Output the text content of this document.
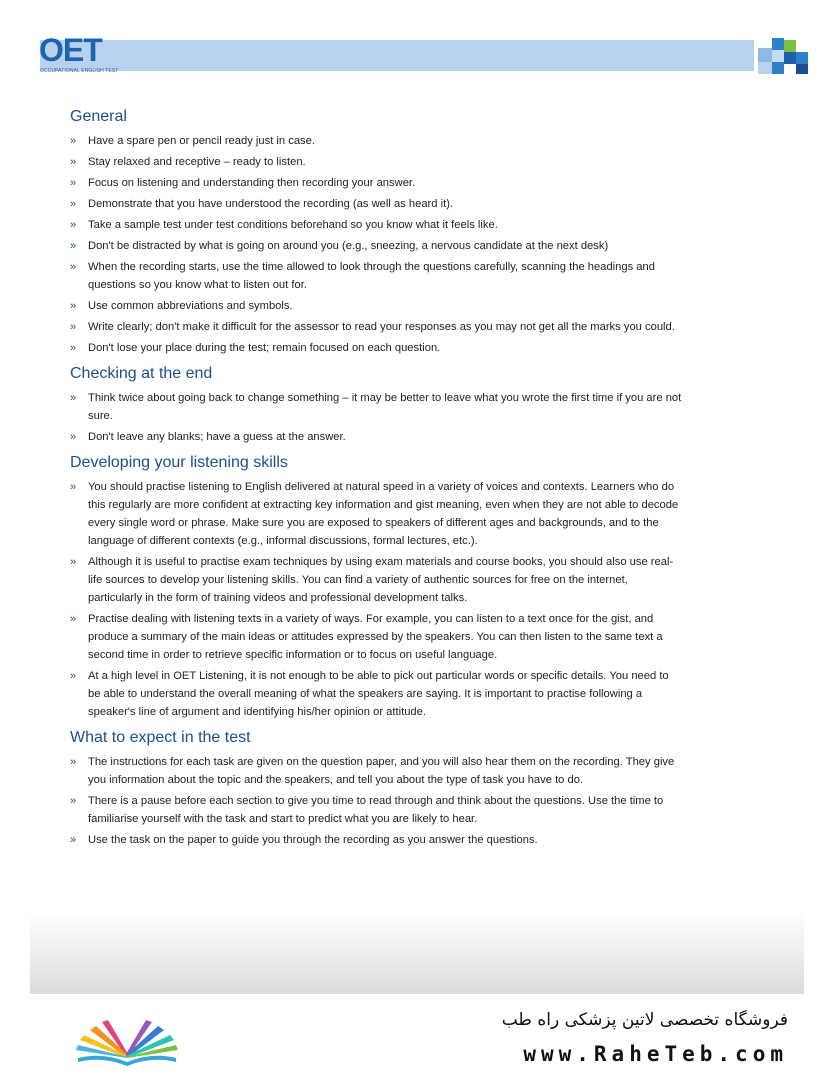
OET
OCCUPATIONAL ENGLISH TEST
General
» Have a spare pen or pencil ready just in case.
» Stay relaxed and receptive – ready to listen.
» Focus on listening and understanding then recording your answer.
» Demonstrate that you have understood the recording (as well as heard it).
» Take a sample test under test conditions beforehand so you know what it feels like.
» Don't be distracted by what is going on around you (e.g., sneezing, a nervous candidate at the next desk)
» When the recording starts, use the time allowed to look through the questions carefully, scanning the headings and questions so you know what to listen out for.
» Use common abbreviations and symbols.
» Write clearly; don't make it difficult for the assessor to read your responses as you may not get all the marks you could.
» Don't lose your place during the test; remain focused on each question.
Checking at the end
» Think twice about going back to change something – it may be better to leave what you wrote the first time if you are not sure.
» Don't leave any blanks; have a guess at the answer.
Developing your listening skills
» You should practise listening to English delivered at natural speed in a variety of voices and contexts. Learners who do this regularly are more confident at extracting key information and gist meaning, even when they are not able to decode every single word or phrase. Make sure you are exposed to speakers of different ages and backgrounds, and to the language of different contexts (e.g., informal discussions, formal lectures, etc.).
» Although it is useful to practise exam techniques by using exam materials and course books, you should also use real-life sources to develop your listening skills. You can find a variety of authentic sources for free on the internet, particularly in the form of training videos and professional development talks.
» Practise dealing with listening texts in a variety of ways. For example, you can listen to a text once for the gist, and produce a summary of the main ideas or attitudes expressed by the speakers. You can then listen to the same text a second time in order to retrieve specific information or to focus on useful language.
» At a high level in OET Listening, it is not enough to be able to pick out particular words or specific details. You need to be able to understand the overall meaning of what the speakers are saying. It is important to practise following a speaker's line of argument and identifying his/her opinion or attitude.
What to expect in the test
» The instructions for each task are given on the question paper, and you will also hear them on the recording. They give you information about the topic and the speakers, and tell you about the type of task you have to do.
» There is a pause before each section to give you time to read through and think about the questions. Use the time to familiarise yourself with the task and start to predict what you are likely to hear.
» Use the task on the paper to guide you through the recording as you answer the questions.
فروشگاه تخصصی لاتین پزشکی راه طب
www.RaheTeb.com
